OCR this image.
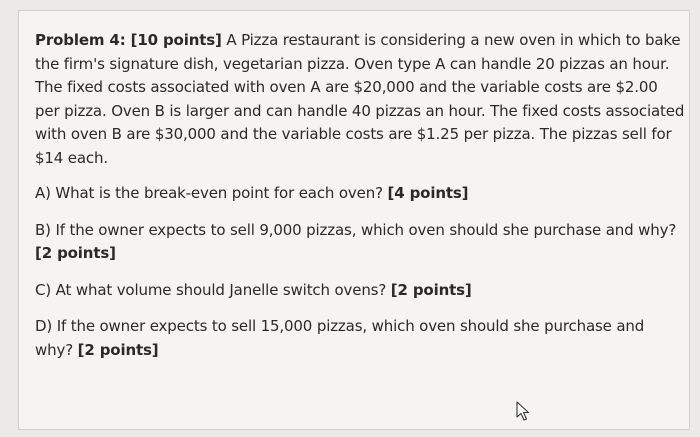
Problem 4: [10 points] A Pizza restaurant is considering a new oven in which to bake the firm's signature dish, vegetarian pizza. Oven type A can handle 20 pizzas an hour. The fixed costs associated with oven A are $20,000 and the variable costs are $2.00 per pizza. Oven B is larger and can handle 40 pizzas an hour. The fixed costs associated with oven B are $30,000 and the variable costs are $1.25 per pizza. The pizzas sell for $14 each.

A) What is the break-even point for each oven? [4 points]

B) If the owner expects to sell 9,000 pizzas, which oven should she purchase and why? [2 points]

C) At what volume should Janelle switch ovens? [2 points]

D) If the owner expects to sell 15,000 pizzas, which oven should she purchase and why? [2 points]
